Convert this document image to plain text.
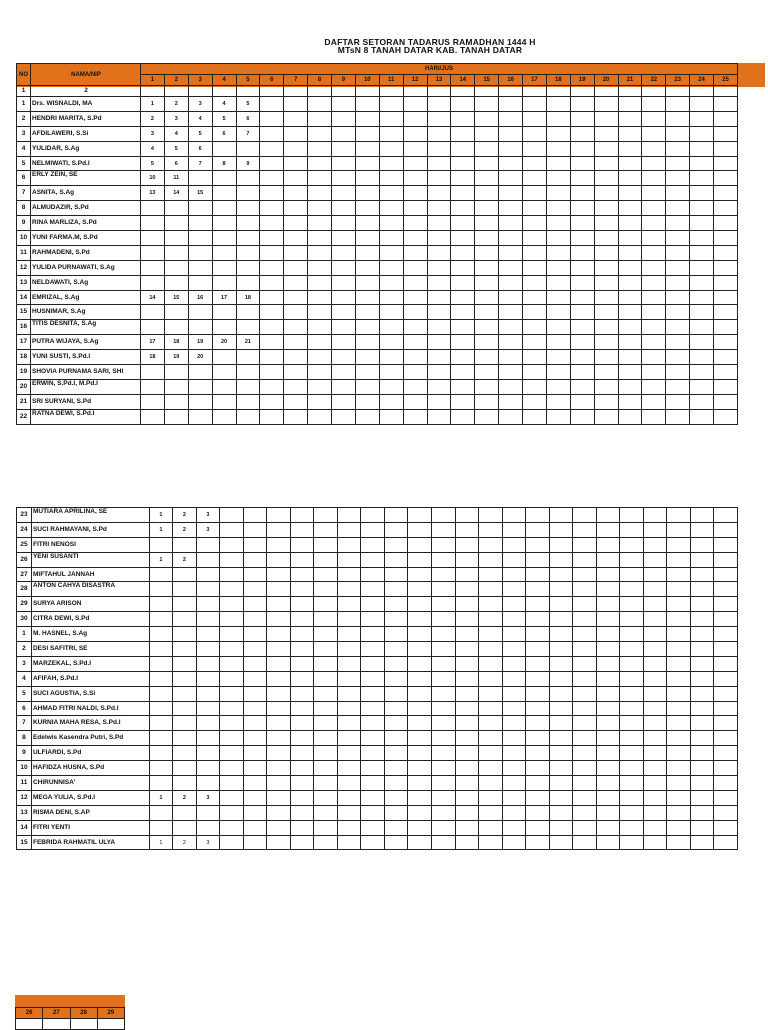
DAFTAR SETORAN TADARUS RAMADHAN 1444 H
MTsN 8 TANAH DATAR KAB. TANAH DATAR
NO	NAMA/NIP	HARI/JUS																								
		1	2	3	4	5	6	7	8	9	10	11	12	13	14	15	16	17	18	19	20	21	22	23	24	25
1	2																									
1	Drs. WISNALDI, MA	1	2	3	4	5																				
2	HENDRI MARITA, S.Pd	2	3	4	5	6																				
3	AFDILAWERI, S.Si	3	4	5	6	7																				
4	YULIDAR, S.Ag	4	5	6																						
5	NELMIWATI, S.Pd.I	5	6	7	8	9																				
6	ERLY ZEIN, SE	10	11																							
7	ASNITA, S.Ag	13	14	15																						
8	ALMUDAZIR, S.Pd																									
9	RINA MARLIZA, S.Pd																									
10	YUNI FARMA.M, S.Pd																									
11	RAHMADENI, S.Pd																									
12	YULIDA PURNAWATI, S.Ag																									
13	NELDAWATI, S.Ag																									
14	EMRIZAL, S.Ag	14	15	16	17	18																				
15	HUSNIMAR, S.Ag																									
16	TITIS DESNITA, S.Ag																									
17	PUTRA WIJAYA, S.Ag	17	18	19	20	21																				
18	YUNI SUSTI, S.Pd.I	18	19	20																						
19	SHOVIA PURNAMA SARI, SHI																									
20	ERWIN, S.Pd.I, M.Pd.I																									
21	SRI SURYANI, S.Pd																									
22	RATNA DEWI, S.Pd.I																									
23	MUTIARA APRILINA, SE	1	2	3																						
24	SUCI RAHMAYANI, S.Pd	1	2	3																						
25	FITRI NENOSI																									
26	YENI SUSANTI	1	2																							
27	MIFTAHUL JANNAH																									
28	ANTON CAHYA DISASTRA																									
29	SURYA ARISON																									
30	CITRA DEWI, S.Pd																									
1	M. HASNEL, S.Ag																									
2	DESI SAFITRI, SE																									
3	MARZEKAL, S.Pd.I																									
4	AFIFAH, S.Pd.I																									
5	SUCI AGUSTIA, S.Si																									
6	AHMAD FITRI NALDI, S.Pd.I																									
7	KURNIA MAHA RESA, S.Pd.I																									
8	Edelwis Kasendra Putri, S.Pd																									
9	ULFIARDI, S.Pd																									
10	HAFIDZA HUSNA, S.Pd																									
11	CHIRUNNISA'																									
12	MEGA YULIA, S.Pd.I	1	2	3																						
13	RISMA DENI, S.AP																									
14	FITRI YENTI																									
15	FEBRIDA RAHMATIL ULYA	1	2	3																						
26	27	28	29
